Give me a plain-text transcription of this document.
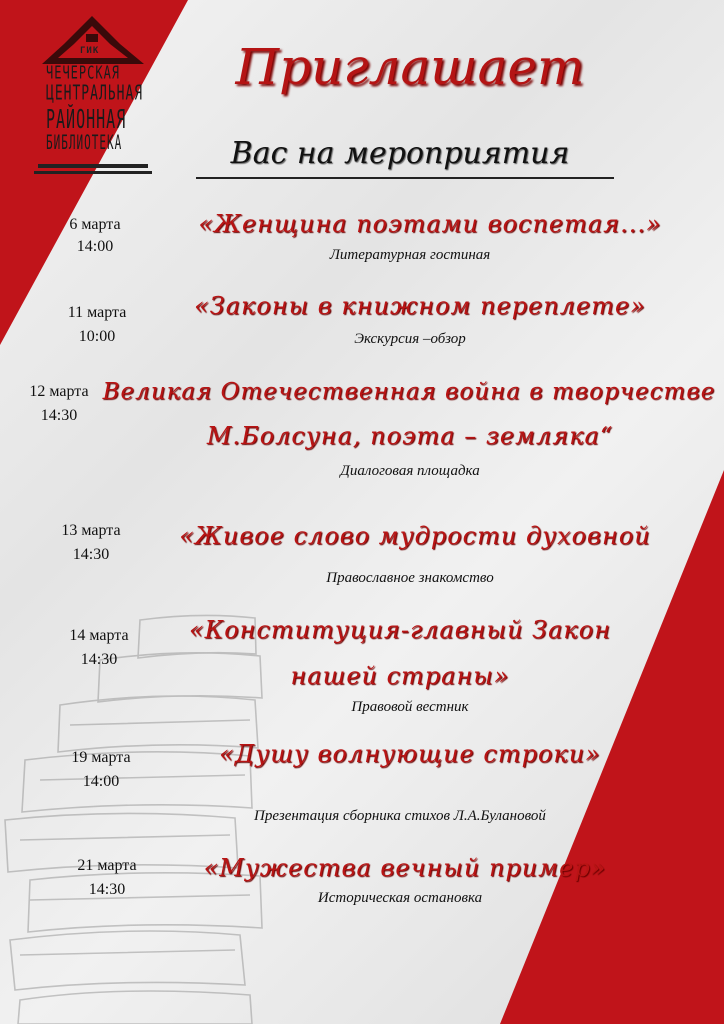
ГИК
ЧЕЧЕРСКАЯ
ЦЕНТРАЛЬНАЯ
РАЙОННАЯ
БИБЛИОТЕКА
Приглашает
Вас на мероприятия
6 марта
14:00
«Женщина поэтами воспетая...»
Литературная гостиная
11 марта
10:00
«Законы в книжном переплете»
Экскурсия –обзор
12 марта
14:30
Великая Отечественная война в творчестве
М.Болсуна, поэта – земляка“
Диалоговая площадка
13 марта
14:30
«Живое слово мудрости духовной
Православное знакомство
14 марта
14:30
«Конституция-главный Закон
нашей страны»
Правовой вестник
19 марта
14:00
«Душу волнующие строки»
Презентация сборника стихов Л.А.Булановой
21 марта
14:30
«Мужества вечный пример»
Историческая остановка
